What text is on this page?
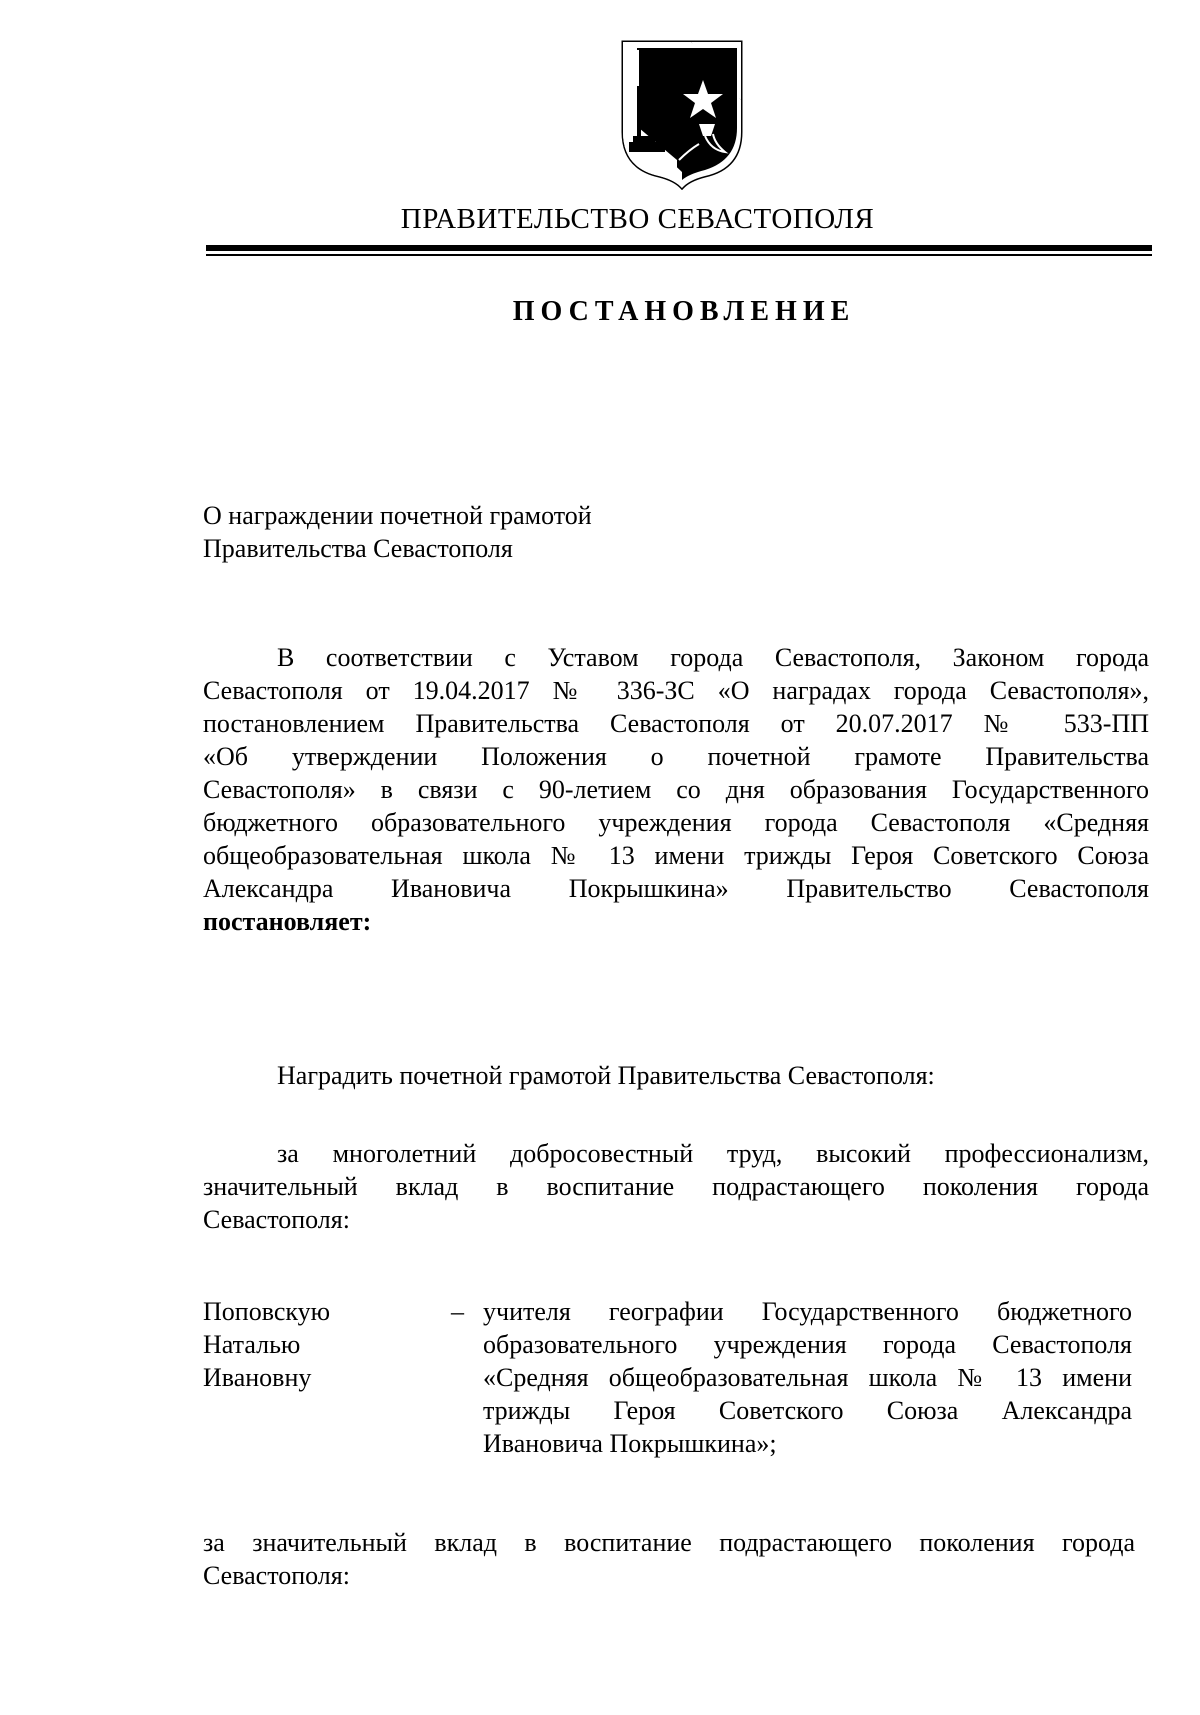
ПРАВИТЕЛЬСТВО СЕВАСТОПОЛЯ
ПОСТАНОВЛЕНИЕ
О награждении почетной грамотой
Правительства Севастополя
В соответствии с Уставом города Севастополя, Законом города
Севастополя от 19.04.2017 № 336-ЗС «О наградах города Севастополя»,
постановлением Правительства Севастополя от 20.07.2017 № 533-ПП
«Об утверждении Положения о почетной грамоте Правительства
Севастополя» в связи с 90-летием со дня образования Государственного
бюджетного образовательного учреждения города Севастополя «Средняя
общеобразовательная школа № 13 имени трижды Героя Советского Союза
Александра Ивановича Покрышкина» Правительство Севастополя
постановляет:
Наградить почетной грамотой Правительства Севастополя:
за многолетний добросовестный труд, высокий профессионализм,
значительный вклад в воспитание подрастающего поколения города
Севастополя:
Поповскую
Наталью
Ивановну
– учителя географии Государственного бюджетного
образовательного учреждения города Севастополя
«Средняя общеобразовательная школа № 13 имени
трижды Героя Советского Союза Александра
Ивановича Покрышкина»;
за значительный вклад в воспитание подрастающего поколения города
Севастополя:
